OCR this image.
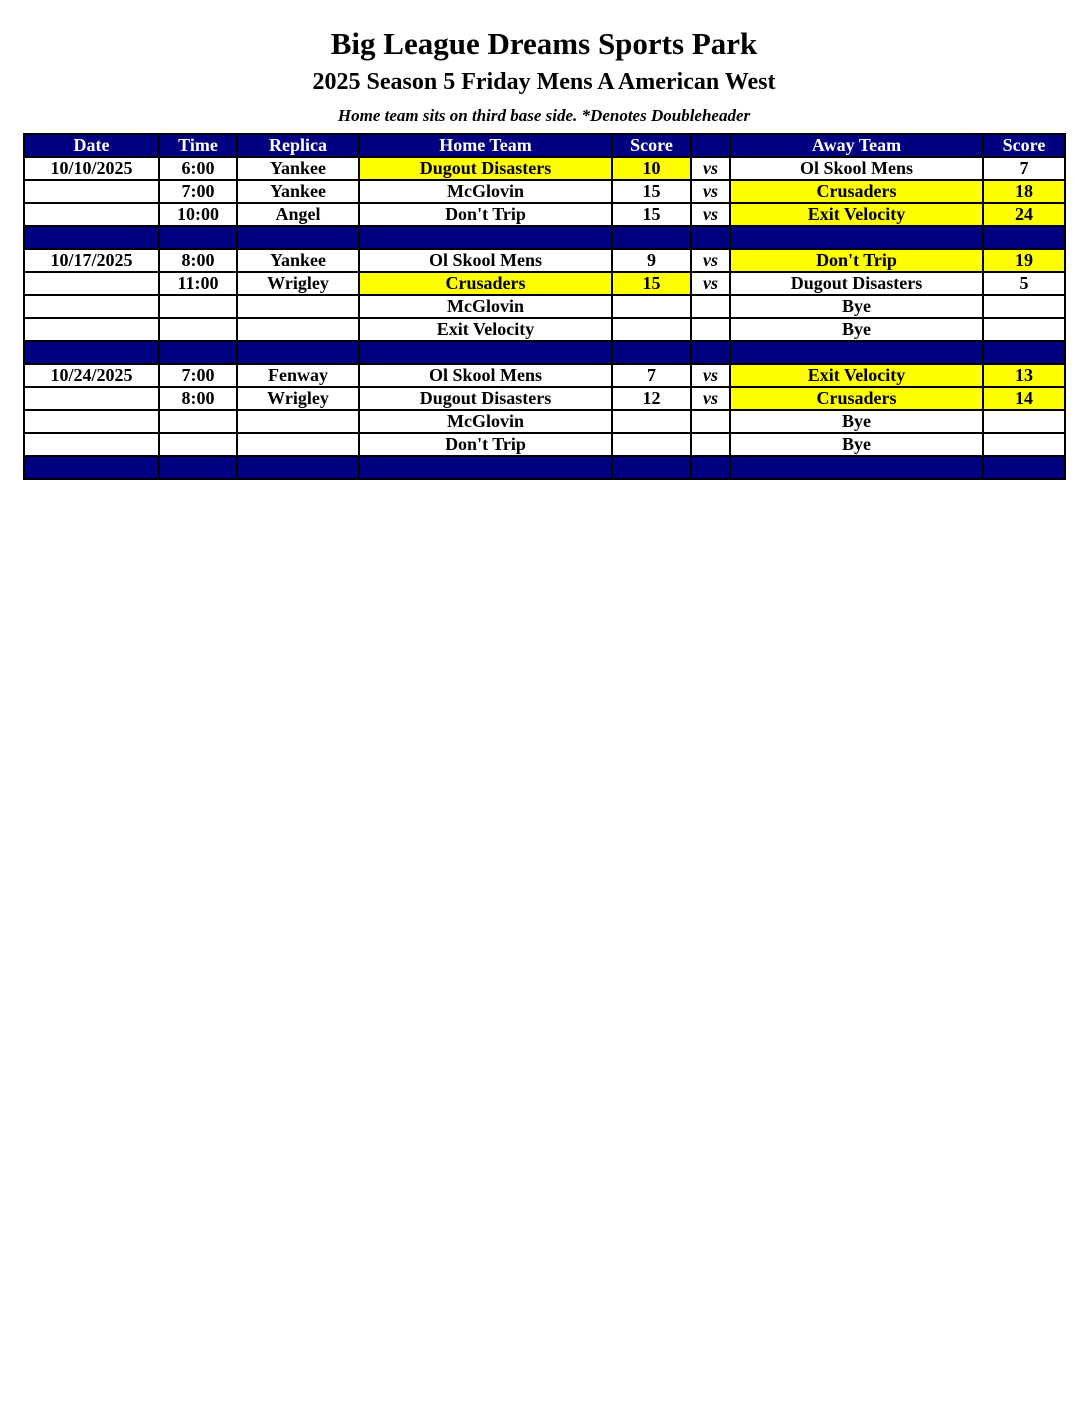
Big League Dreams Sports Park
2025 Season 5 Friday Mens A American West
Home team sits on third base side. *Denotes Doubleheader
Date	Time	Replica	Home Team	Score		Away Team	Score
10/10/2025	6:00	Yankee	Dugout Disasters	10	vs	Ol Skool Mens	7
	7:00	Yankee	McGlovin	15	vs	Crusaders	18
	10:00	Angel	Don't Trip	15	vs	Exit Velocity	24

10/17/2025	8:00	Yankee	Ol Skool Mens	9	vs	Don't Trip	19
	11:00	Wrigley	Crusaders	15	vs	Dugout Disasters	5
			McGlovin			Bye	
			Exit Velocity			Bye	

10/24/2025	7:00	Fenway	Ol Skool Mens	7	vs	Exit Velocity	13
	8:00	Wrigley	Dugout Disasters	12	vs	Crusaders	14
			McGlovin			Bye	
			Don't Trip			Bye	
